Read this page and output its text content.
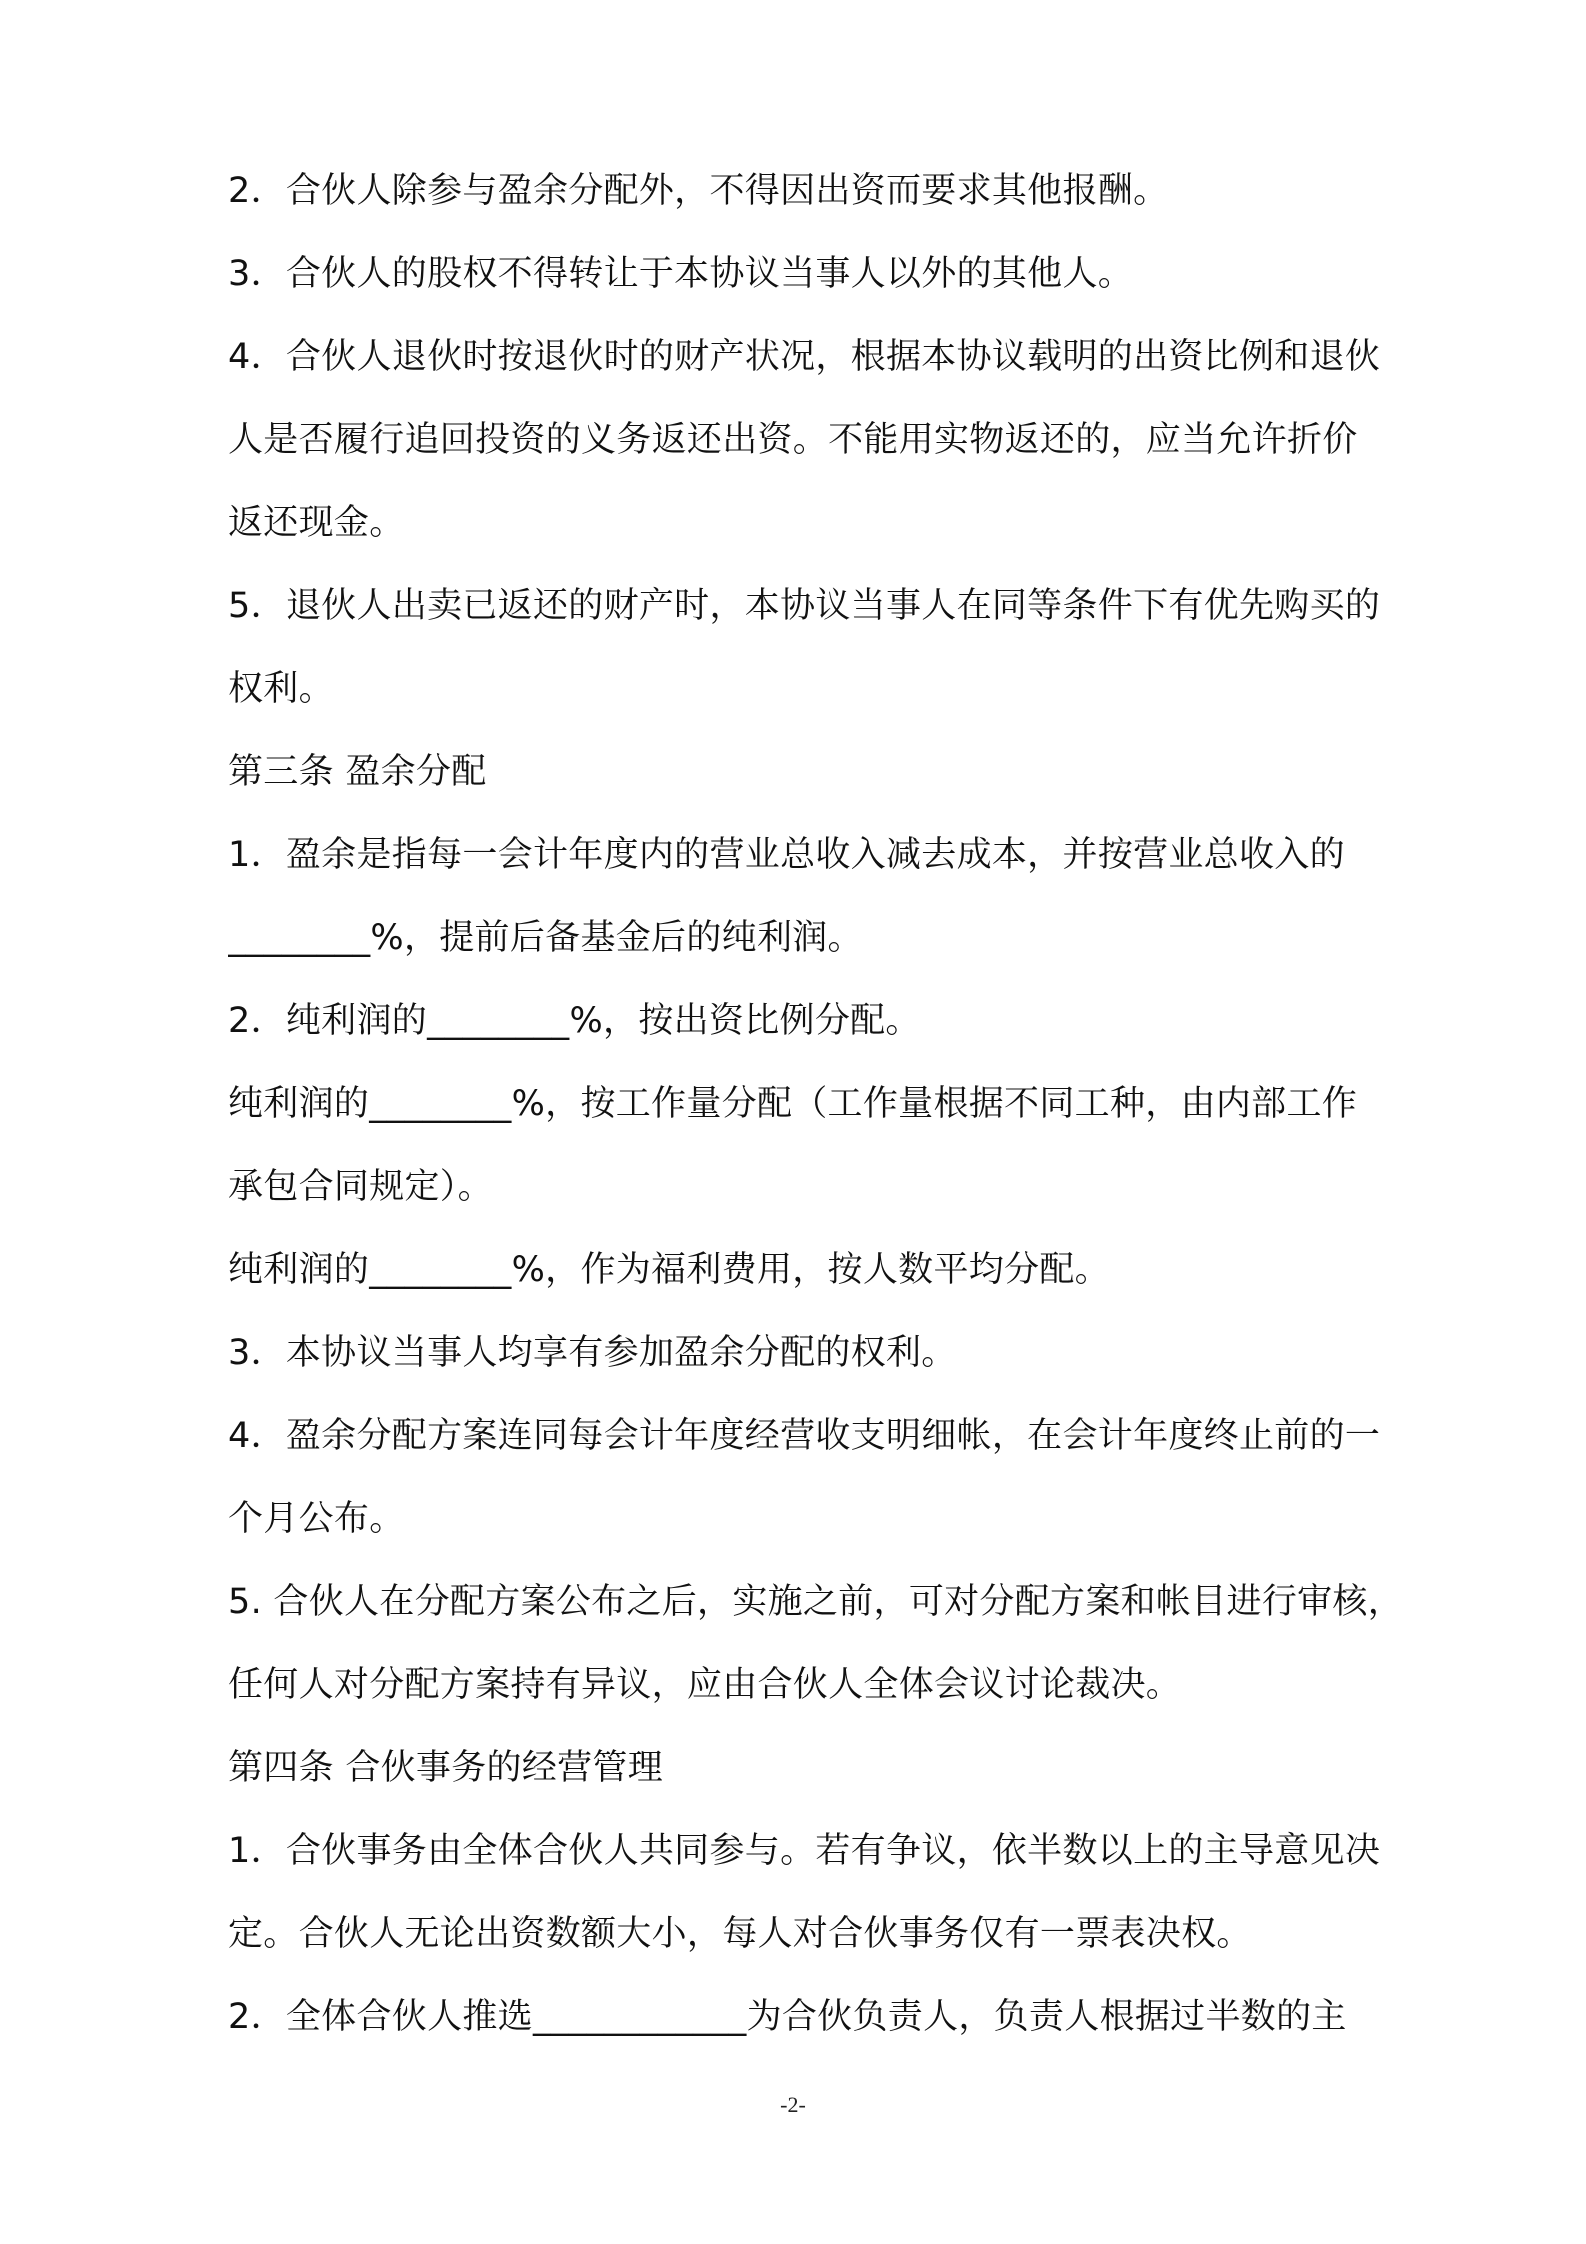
2．合伙人除参与盈余分配外，不得因出资而要求其他报酬。
3．合伙人的股权不得转让于本协议当事人以外的其他人。
4．合伙人退伙时按退伙时的财产状况，根据本协议载明的出资比例和退伙
人是否履行追回投资的义务返还出资。不能用实物返还的，应当允许折价
返还现金。
5．退伙人出卖已返还的财产时，本协议当事人在同等条件下有优先购买的
权利。
第三条 盈余分配
1．盈余是指每一会计年度内的营业总收入减去成本，并按营业总收入的
________%，提前后备基金后的纯利润。
2．纯利润的________%，按出资比例分配。
纯利润的________%，按工作量分配（工作量根据不同工种，由内部工作
承包合同规定）。
纯利润的________%，作为福利费用，按人数平均分配。
3．本协议当事人均享有参加盈余分配的权利。
4．盈余分配方案连同每会计年度经营收支明细帐，在会计年度终止前的一
个月公布。
5. 合伙人在分配方案公布之后，实施之前，可对分配方案和帐目进行审核，
任何人对分配方案持有异议，应由合伙人全体会议讨论裁决。
第四条 合伙事务的经营管理
1．合伙事务由全体合伙人共同参与。若有争议，依半数以上的主导意见决
定。合伙人无论出资数额大小，每人对合伙事务仅有一票表决权。
2．全体合伙人推选____________为合伙负责人，负责人根据过半数的主
-2-
